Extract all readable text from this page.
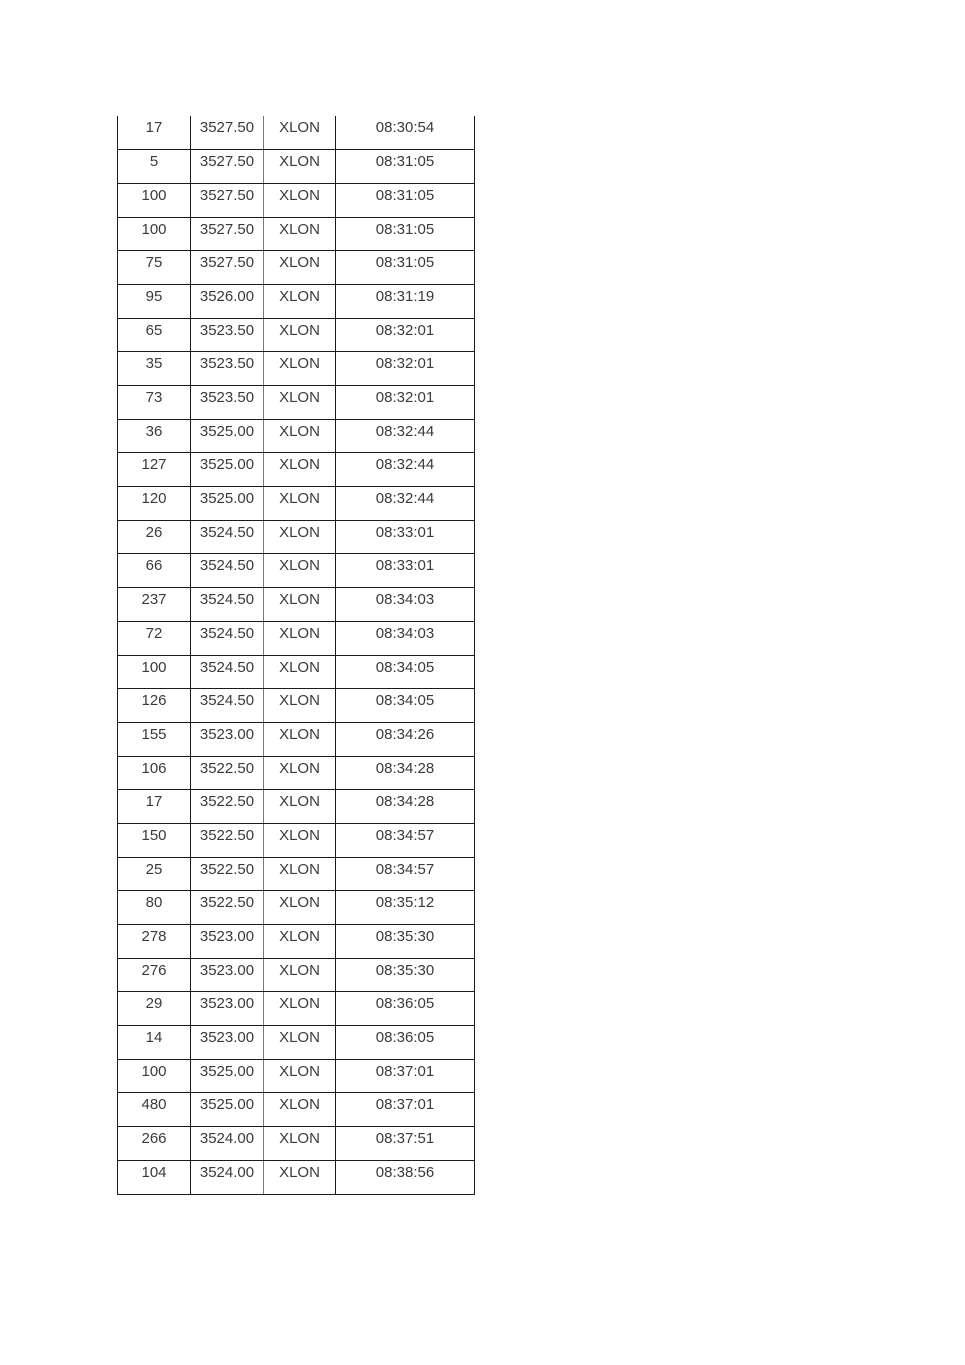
17	3527.50	XLON	08:30:54
5	3527.50	XLON	08:31:05
100	3527.50	XLON	08:31:05
100	3527.50	XLON	08:31:05
75	3527.50	XLON	08:31:05
95	3526.00	XLON	08:31:19
65	3523.50	XLON	08:32:01
35	3523.50	XLON	08:32:01
73	3523.50	XLON	08:32:01
36	3525.00	XLON	08:32:44
127	3525.00	XLON	08:32:44
120	3525.00	XLON	08:32:44
26	3524.50	XLON	08:33:01
66	3524.50	XLON	08:33:01
237	3524.50	XLON	08:34:03
72	3524.50	XLON	08:34:03
100	3524.50	XLON	08:34:05
126	3524.50	XLON	08:34:05
155	3523.00	XLON	08:34:26
106	3522.50	XLON	08:34:28
17	3522.50	XLON	08:34:28
150	3522.50	XLON	08:34:57
25	3522.50	XLON	08:34:57
80	3522.50	XLON	08:35:12
278	3523.00	XLON	08:35:30
276	3523.00	XLON	08:35:30
29	3523.00	XLON	08:36:05
14	3523.00	XLON	08:36:05
100	3525.00	XLON	08:37:01
480	3525.00	XLON	08:37:01
266	3524.00	XLON	08:37:51
104	3524.00	XLON	08:38:56
